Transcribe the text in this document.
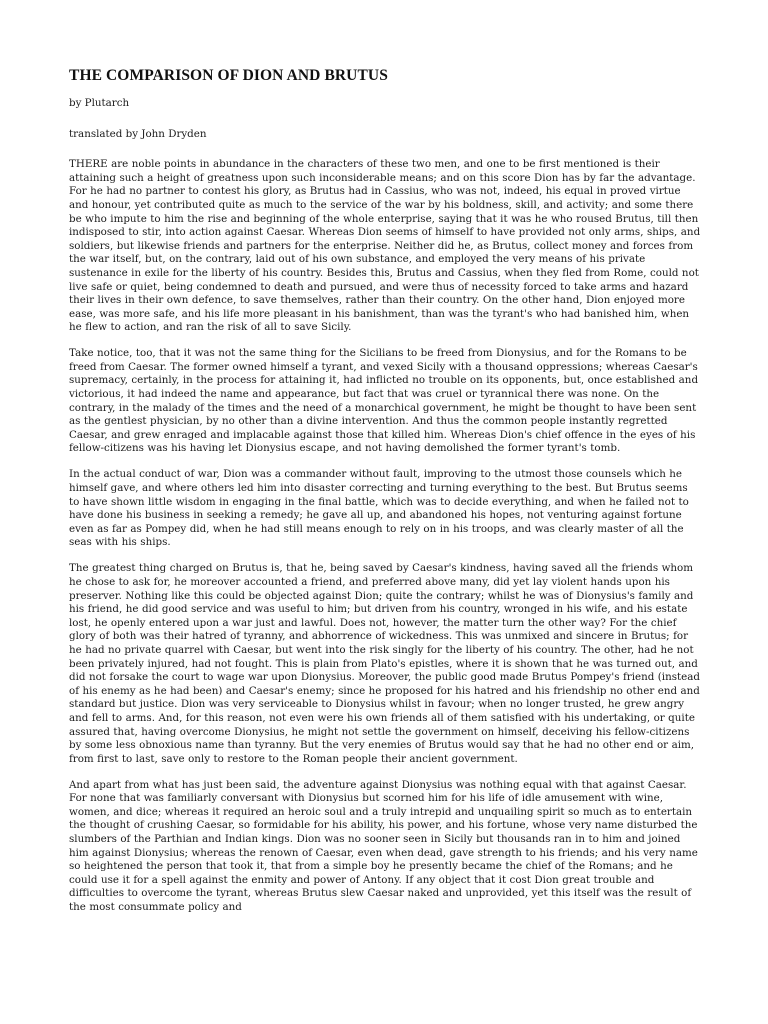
THE COMPARISON OF DION AND BRUTUS

by Plutarch

translated by John Dryden

THERE are noble points in abundance in the characters of these two men, and one to be first mentioned is their attaining such a height of greatness upon such inconsiderable means; and on this score Dion has by far the advantage. For he had no partner to contest his glory, as Brutus had in Cassius, who was not, indeed, his equal in proved virtue and honour, yet contributed quite as much to the service of the war by his boldness, skill, and activity; and some there be who impute to him the rise and beginning of the whole enterprise, saying that it was he who roused Brutus, till then indisposed to stir, into action against Caesar. Whereas Dion seems of himself to have provided not only arms, ships, and soldiers, but likewise friends and partners for the enterprise. Neither did he, as Brutus, collect money and forces from the war itself, but, on the contrary, laid out of his own substance, and employed the very means of his private sustenance in exile for the liberty of his country. Besides this, Brutus and Cassius, when they fled from Rome, could not live safe or quiet, being condemned to death and pursued, and were thus of necessity forced to take arms and hazard their lives in their own defence, to save themselves, rather than their country. On the other hand, Dion enjoyed more ease, was more safe, and his life more pleasant in his banishment, than was the tyrant's who had banished him, when he flew to action, and ran the risk of all to save Sicily.

Take notice, too, that it was not the same thing for the Sicilians to be freed from Dionysius, and for the Romans to be freed from Caesar. The former owned himself a tyrant, and vexed Sicily with a thousand oppressions; whereas Caesar's supremacy, certainly, in the process for attaining it, had inflicted no trouble on its opponents, but, once established and victorious, it had indeed the name and appearance, but fact that was cruel or tyrannical there was none. On the contrary, in the malady of the times and the need of a monarchical government, he might be thought to have been sent as the gentlest physician, by no other than a divine intervention. And thus the common people instantly regretted Caesar, and grew enraged and implacable against those that killed him. Whereas Dion's chief offence in the eyes of his fellow-citizens was his having let Dionysius escape, and not having demolished the former tyrant's tomb.

In the actual conduct of war, Dion was a commander without fault, improving to the utmost those counsels which he himself gave, and where others led him into disaster correcting and turning everything to the best. But Brutus seems to have shown little wisdom in engaging in the final battle, which was to decide everything, and when he failed not to have done his business in seeking a remedy; he gave all up, and abandoned his hopes, not venturing against fortune even as far as Pompey did, when he had still means enough to rely on in his troops, and was clearly master of all the seas with his ships.

The greatest thing charged on Brutus is, that he, being saved by Caesar's kindness, having saved all the friends whom he chose to ask for, he moreover accounted a friend, and preferred above many, did yet lay violent hands upon his preserver. Nothing like this could be objected against Dion; quite the contrary; whilst he was of Dionysius's family and his friend, he did good service and was useful to him; but driven from his country, wronged in his wife, and his estate lost, he openly entered upon a war just and lawful. Does not, however, the matter turn the other way? For the chief glory of both was their hatred of tyranny, and abhorrence of wickedness. This was unmixed and sincere in Brutus; for he had no private quarrel with Caesar, but went into the risk singly for the liberty of his country. The other, had he not been privately injured, had not fought. This is plain from Plato's epistles, where it is shown that he was turned out, and did not forsake the court to wage war upon Dionysius. Moreover, the public good made Brutus Pompey's friend (instead of his enemy as he had been) and Caesar's enemy; since he proposed for his hatred and his friendship no other end and standard but justice. Dion was very serviceable to Dionysius whilst in favour; when no longer trusted, he grew angry and fell to arms. And, for this reason, not even were his own friends all of them satisfied with his undertaking, or quite assured that, having overcome Dionysius, he might not settle the government on himself, deceiving his fellow-citizens by some less obnoxious name than tyranny. But the very enemies of Brutus would say that he had no other end or aim, from first to last, save only to restore to the Roman people their ancient government.

And apart from what has just been said, the adventure against Dionysius was nothing equal with that against Caesar. For none that was familiarly conversant with Dionysius but scorned him for his life of idle amusement with wine, women, and dice; whereas it required an heroic soul and a truly intrepid and unquailing spirit so much as to entertain the thought of crushing Caesar, so formidable for his ability, his power, and his fortune, whose very name disturbed the slumbers of the Parthian and Indian kings. Dion was no sooner seen in Sicily but thousands ran in to him and joined him against Dionysius; whereas the renown of Caesar, even when dead, gave strength to his friends; and his very name so heightened the person that took it, that from a simple boy he presently became the chief of the Romans; and he could use it for a spell against the enmity and power of Antony. If any object that it cost Dion great trouble and difficulties to overcome the tyrant, whereas Brutus slew Caesar naked and unprovided, yet this itself was the result of the most consummate policy and
